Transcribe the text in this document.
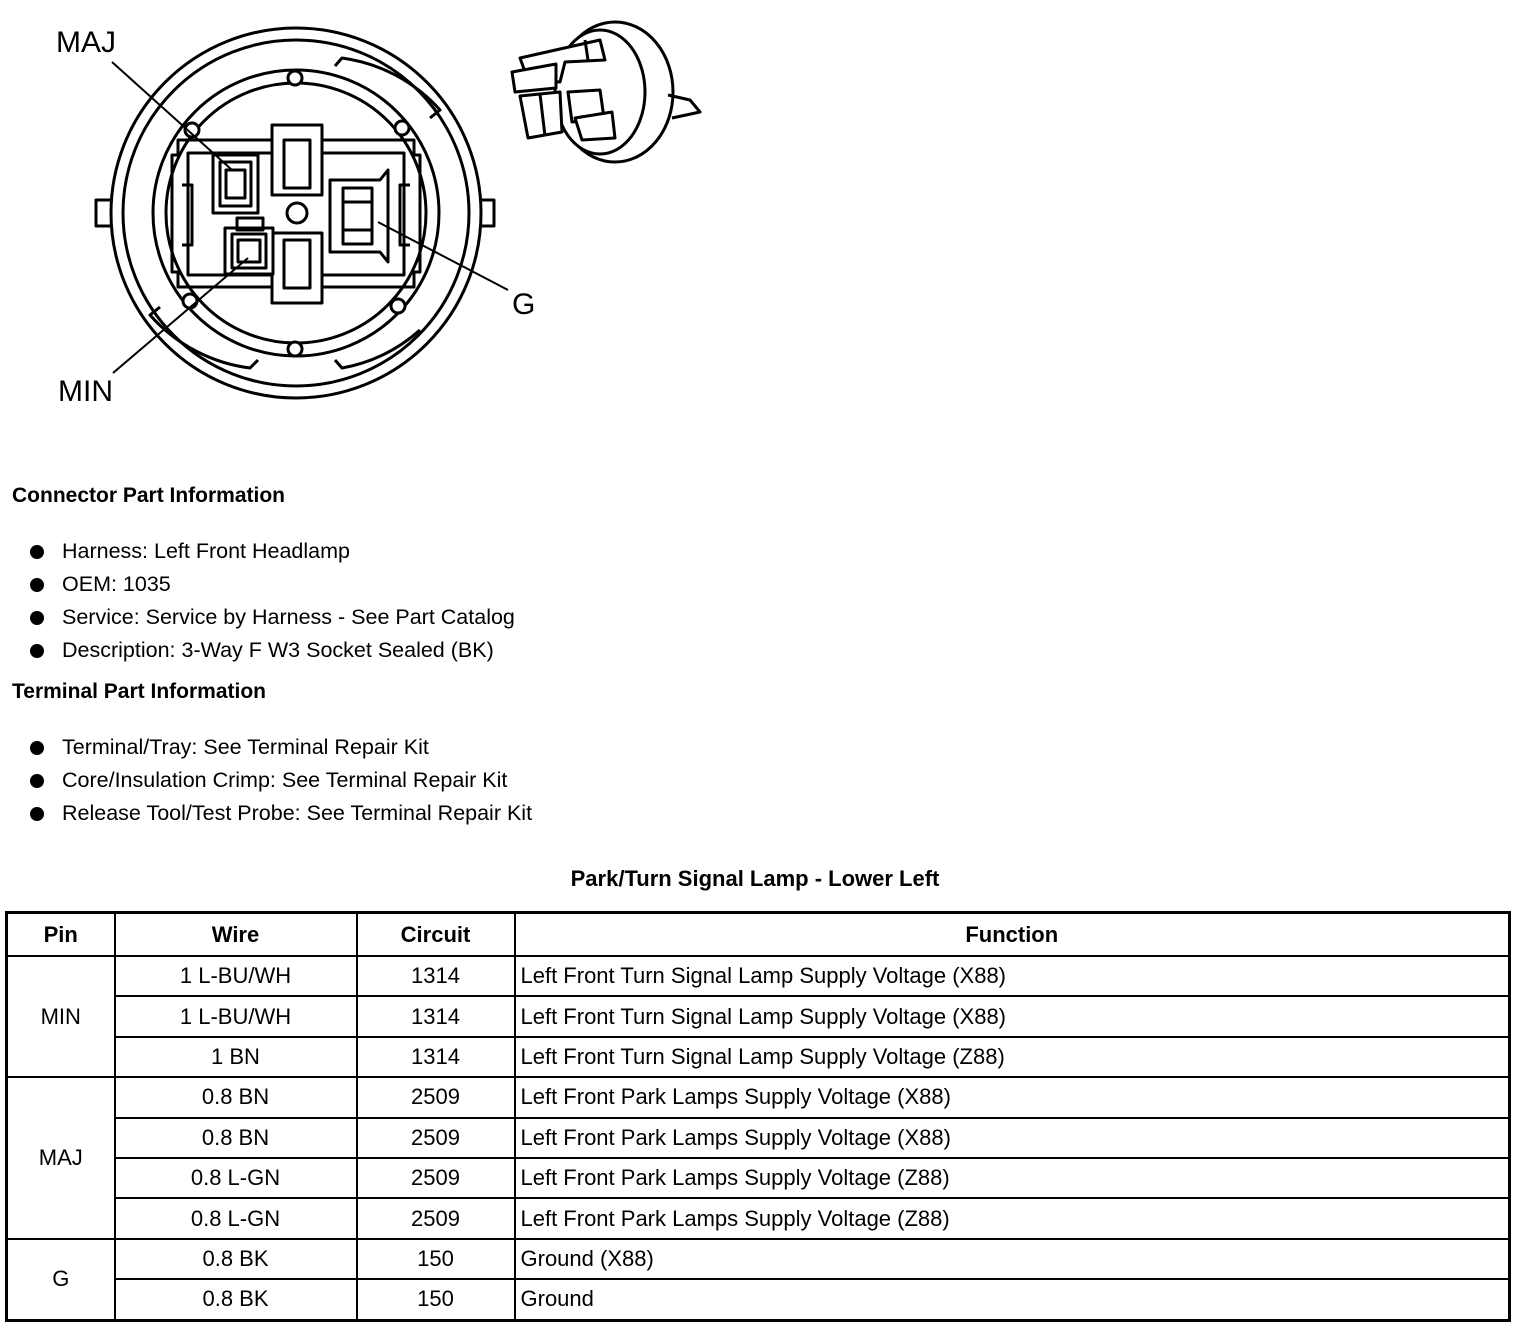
MAJ
MIN
G
Connector Part Information
Harness: Left Front Headlamp
OEM: 1035
Service: Service by Harness - See Part Catalog
Description: 3-Way F W3 Socket Sealed (BK)
Terminal Part Information
Terminal/Tray: See Terminal Repair Kit
Core/Insulation Crimp: See Terminal Repair Kit
Release Tool/Test Probe: See Terminal Repair Kit
Park/Turn Signal Lamp - Lower Left
Pin	Wire	Circuit	Function
MIN	1 L-BU/WH	1314	Left Front Turn Signal Lamp Supply Voltage (X88)
	1 L-BU/WH	1314	Left Front Turn Signal Lamp Supply Voltage (X88)
	1 BN	1314	Left Front Turn Signal Lamp Supply Voltage (Z88)
MAJ	0.8 BN	2509	Left Front Park Lamps Supply Voltage (X88)
	0.8 BN	2509	Left Front Park Lamps Supply Voltage (X88)
	0.8 L-GN	2509	Left Front Park Lamps Supply Voltage (Z88)
	0.8 L-GN	2509	Left Front Park Lamps Supply Voltage (Z88)
G	0.8 BK	150	Ground (X88)
	0.8 BK	150	Ground
